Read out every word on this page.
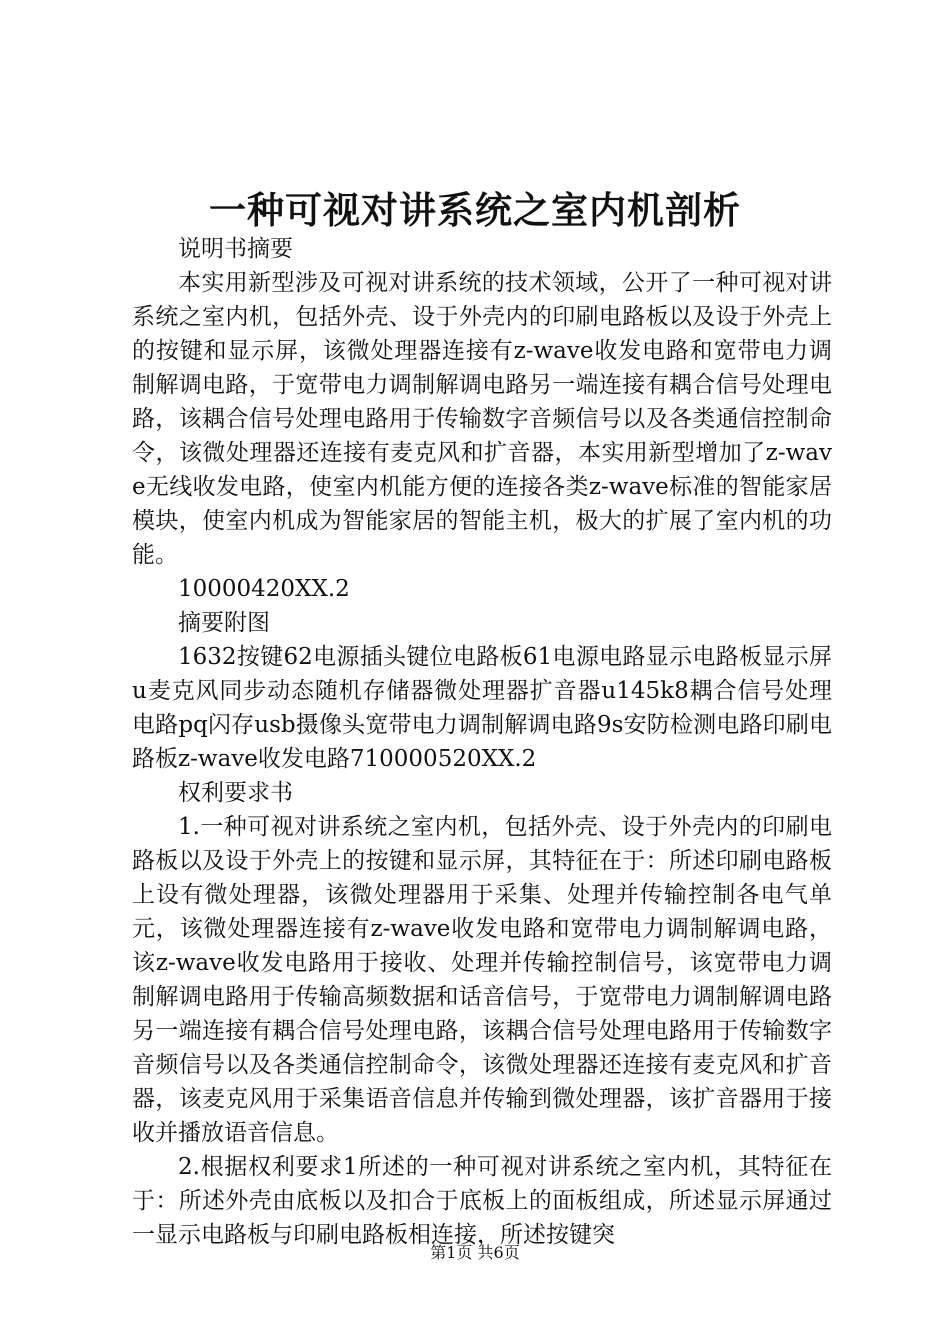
一种可视对讲系统之室内机剖析

说明书摘要

本实用新型涉及可视对讲系统的技术领域，公开了一种可视对讲系统之室内机，包括外壳、设于外壳内的印刷电路板以及设于外壳上的按键和显示屏，该微处理器连接有z-wave收发电路和宽带电力调制解调电路，于宽带电力调制解调电路另一端连接有耦合信号处理电路，该耦合信号处理电路用于传输数字音频信号以及各类通信控制命令，该微处理器还连接有麦克风和扩音器，本实用新型增加了z-wave无线收发电路，使室内机能方便的连接各类z-wave标准的智能家居模块，使室内机成为智能家居的智能主机，极大的扩展了室内机的功能。

10000420XX.2

摘要附图

1632按键62电源插头键位电路板61电源电路显示电路板显示屏u麦克风同步动态随机存储器微处理器扩音器u145k8耦合信号处理电路pq闪存usb摄像头宽带电力调制解调电路9s安防检测电路印刷电路板z-wave收发电路710000520XX.2

权利要求书

1.一种可视对讲系统之室内机，包括外壳、设于外壳内的印刷电路板以及设于外壳上的按键和显示屏，其特征在于：所述印刷电路板上设有微处理器，该微处理器用于采集、处理并传输控制各电气单元，该微处理器连接有z-wave收发电路和宽带电力调制解调电路，该z-wave收发电路用于接收、处理并传输控制信号，该宽带电力调制解调电路用于传输高频数据和话音信号，于宽带电力调制解调电路另一端连接有耦合信号处理电路，该耦合信号处理电路用于传输数字音频信号以及各类通信控制命令，该微处理器还连接有麦克风和扩音器，该麦克风用于采集语音信息并传输到微处理器，该扩音器用于接收并播放语音信息。

2.根据权利要求1所述的一种可视对讲系统之室内机，其特征在于：所述外壳由底板以及扣合于底板上的面板组成，所述显示屏通过一显示电路板与印刷电路板相连接，所述按键突

第1页 共6页
